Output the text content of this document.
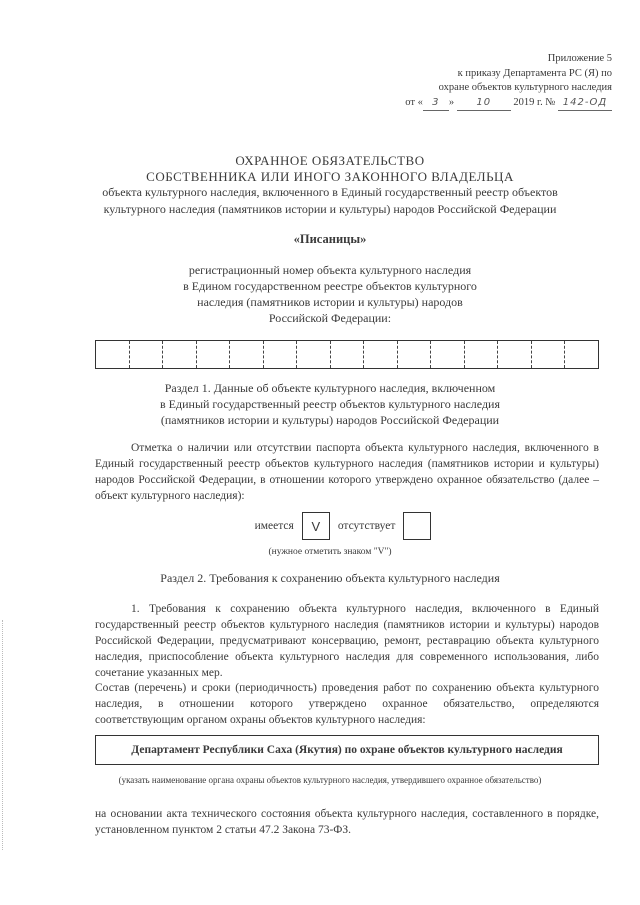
Приложение 5
к приказу Департамента РС (Я) по
охране объектов культурного наследия
от « 3 » 10 2019 г. № 142-ОД
ОХРАННОЕ ОБЯЗАТЕЛЬСТВО
СОБСТВЕННИКА ИЛИ ИНОГО ЗАКОННОГО ВЛАДЕЛЬЦА
объекта культурного наследия, включенного в Единый государственный реестр объектов
культурного наследия (памятников истории и культуры) народов Российской Федерации
«Писаницы»
регистрационный номер объекта культурного наследия
в Едином государственном реестре объектов культурного
наследия (памятников истории и культуры) народов
Российской Федерации:
Раздел 1. Данные об объекте культурного наследия, включенном
в Единый государственный реестр объектов культурного наследия
(памятников истории и культуры) народов Российской Федерации
Отметка о наличии или отсутствии паспорта объекта культурного наследия, включенного в Единый государственный реестр объектов культурного наследия (памятников истории и культуры) народов Российской Федерации, в отношении которого утверждено охранное обязательство (далее – объект культурного наследия):
имеется	V	отсутствует
(нужное отметить знаком "V")
Раздел 2. Требования к сохранению объекта культурного наследия
1. Требования к сохранению объекта культурного наследия, включенного в Единый государственный реестр объектов культурного наследия (памятников истории и культуры) народов Российской Федерации, предусматривают консервацию, ремонт, реставрацию объекта культурного наследия, приспособление объекта культурного наследия для современного использования, либо сочетание указанных мер.
Состав (перечень) и сроки (периодичность) проведения работ по сохранению объекта культурного наследия, в отношении которого утверждено охранное обязательство, определяются соответствующим органом охраны объектов культурного наследия:
Департамент Республики Саха (Якутия) по охране объектов культурного наследия
(указать наименование органа охраны объектов культурного наследия, утвердившего охранное обязательство)
на основании акта технического состояния объекта культурного наследия, составленного в порядке, установленном пунктом 2 статьи 47.2 Закона 73-ФЗ.
